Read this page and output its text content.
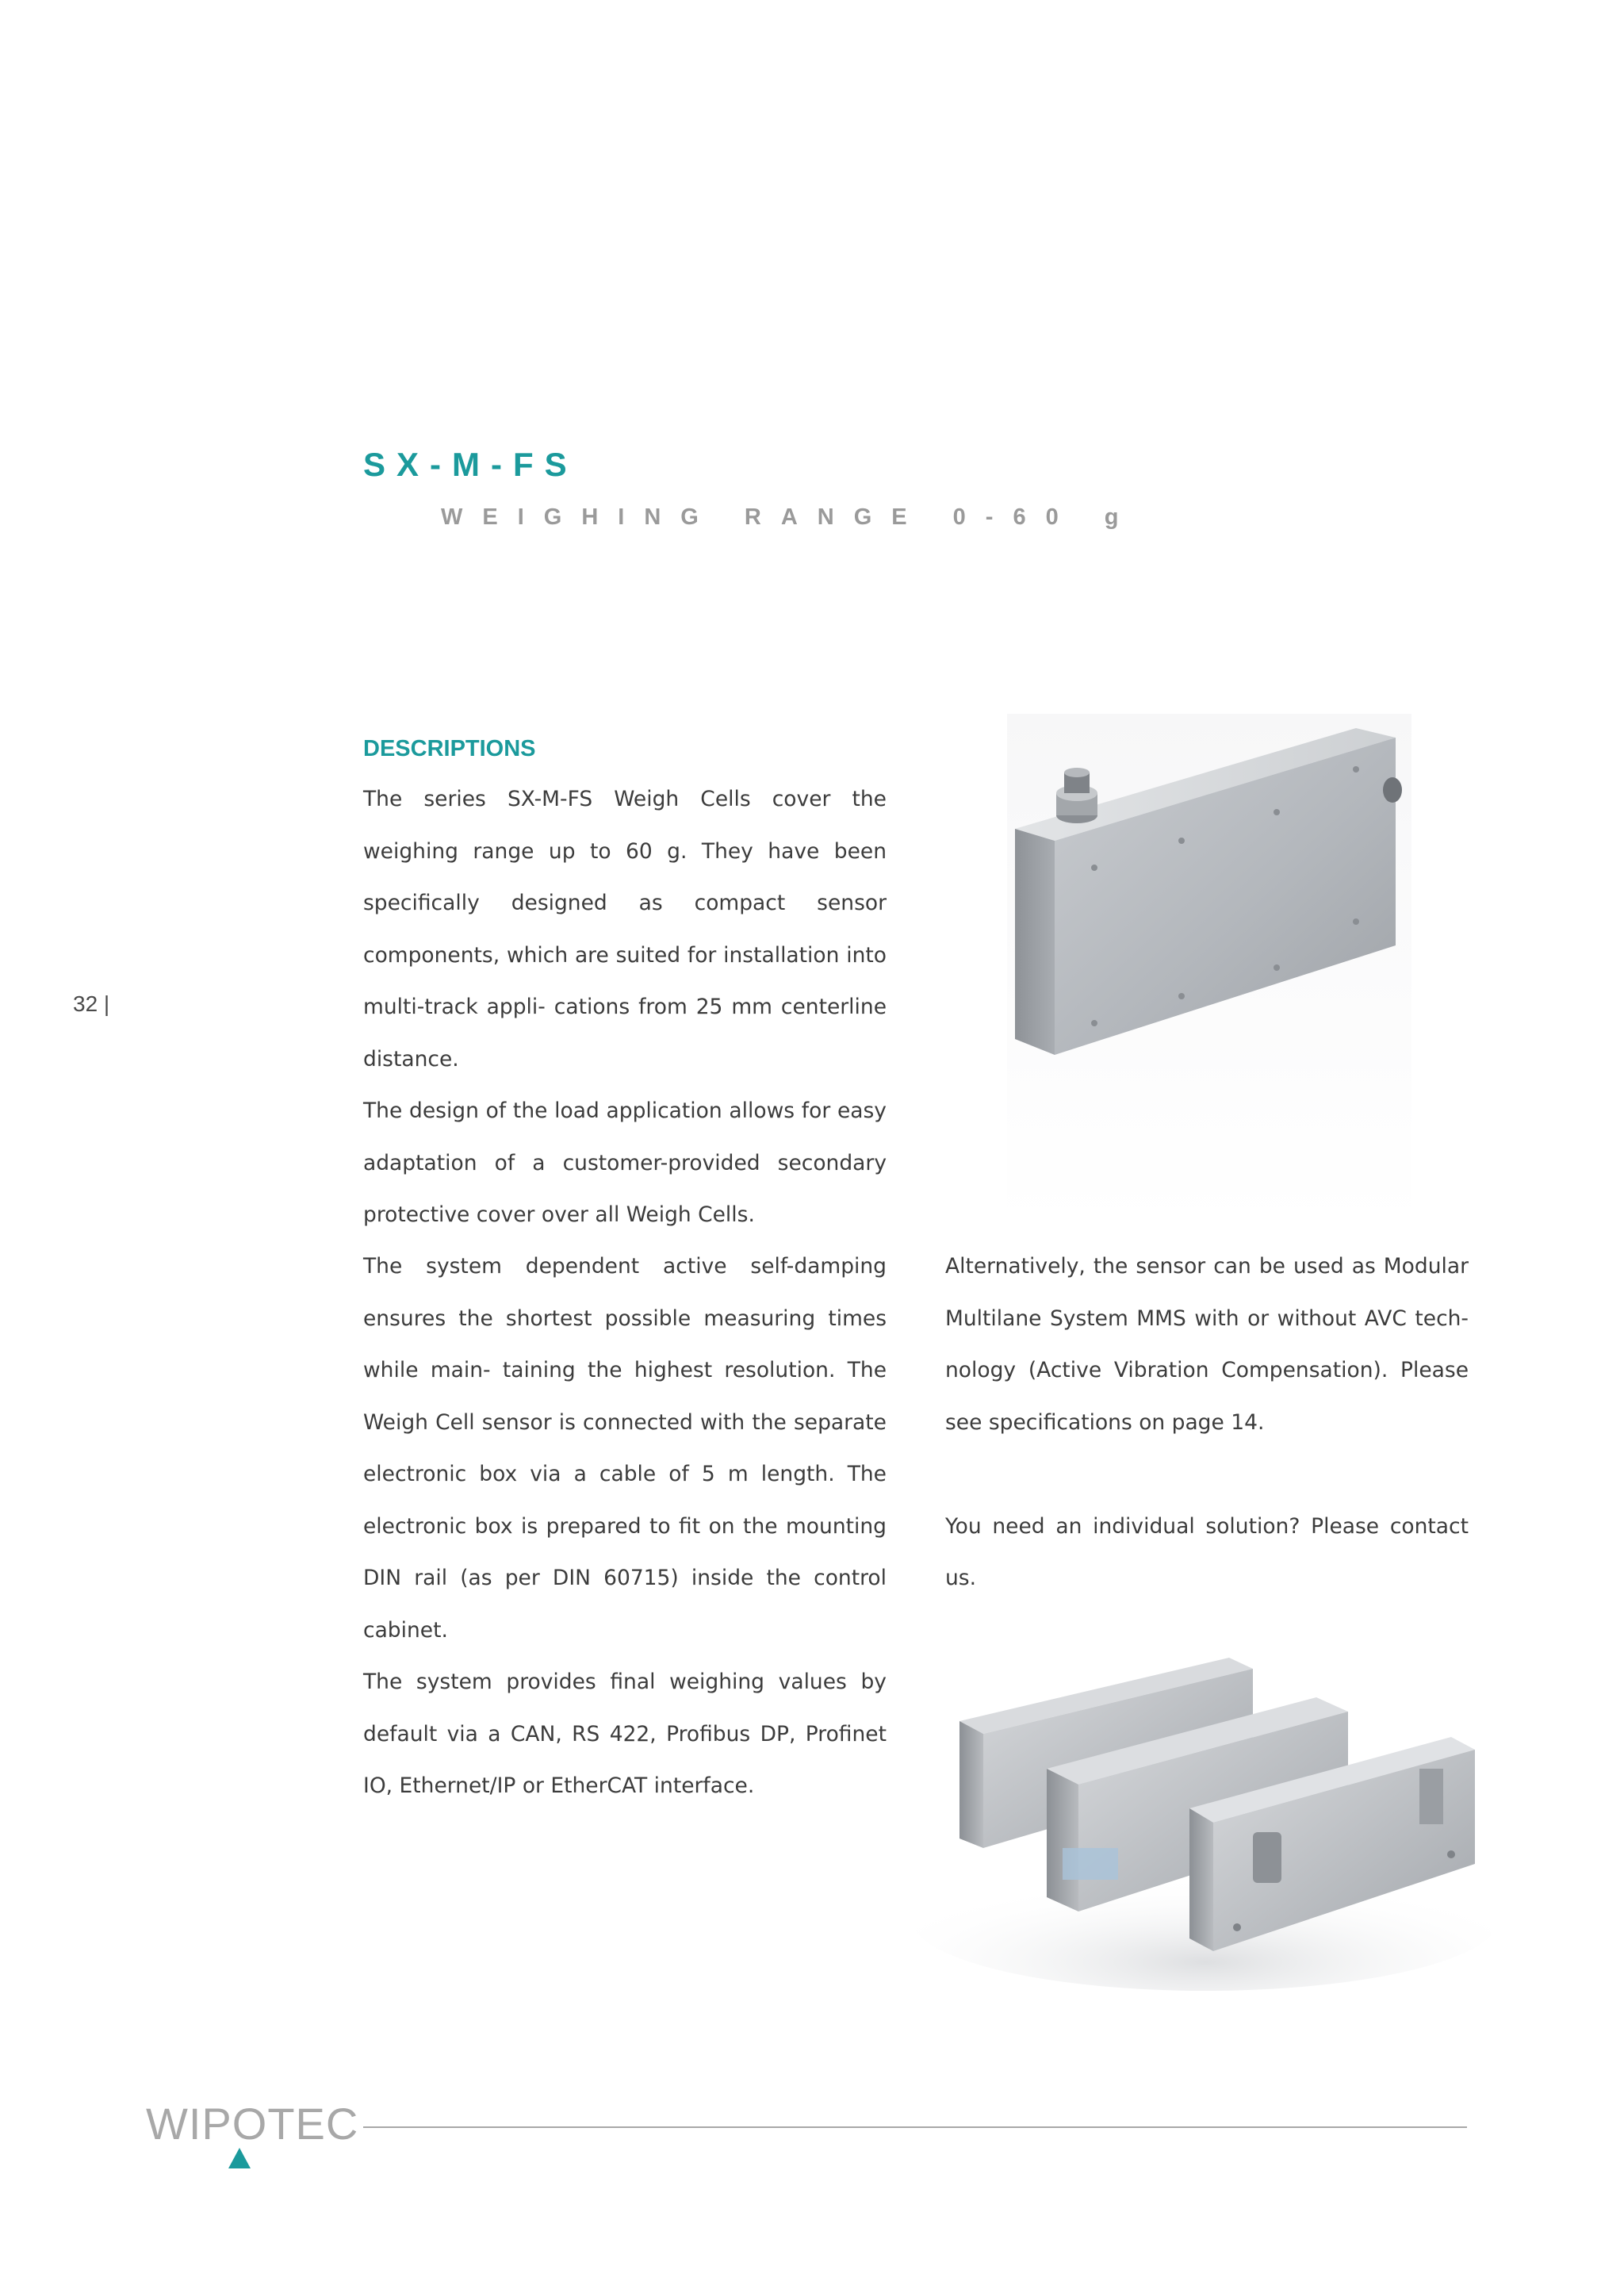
SX-M-FS
WEIGHING RANGE 0-60 g
DESCRIPTIONS

The series SX-M-FS Weigh Cells cover the weighing range up to 60 g. They have been specifically designed as compact sensor components, which are suited for installation into multi-track appli- cations from 25 mm centerline distance.

The design of the load application allows for easy adaptation of a customer-provided secondary protective cover over all Weigh Cells.

The system dependent active self-damping ensures the shortest possible measuring times while main- taining the highest resolution. The Weigh Cell sensor is connected with the separate electronic box via a cable of 5 m length. The electronic box is prepared to fit on the mounting DIN rail (as per DIN 60715) inside the control cabinet.

The system provides final weighing values by default via a CAN, RS 422, Profibus DP, Profinet IO, Ethernet/IP or EtherCAT interface.

Alternatively, the sensor can be used as Modular Multilane System MMS with or without AVC tech- nology (Active Vibration Compensation). Please see specifications on page 14.

You need an individual solution? Please contact us.

32 |
WIPOTEC
